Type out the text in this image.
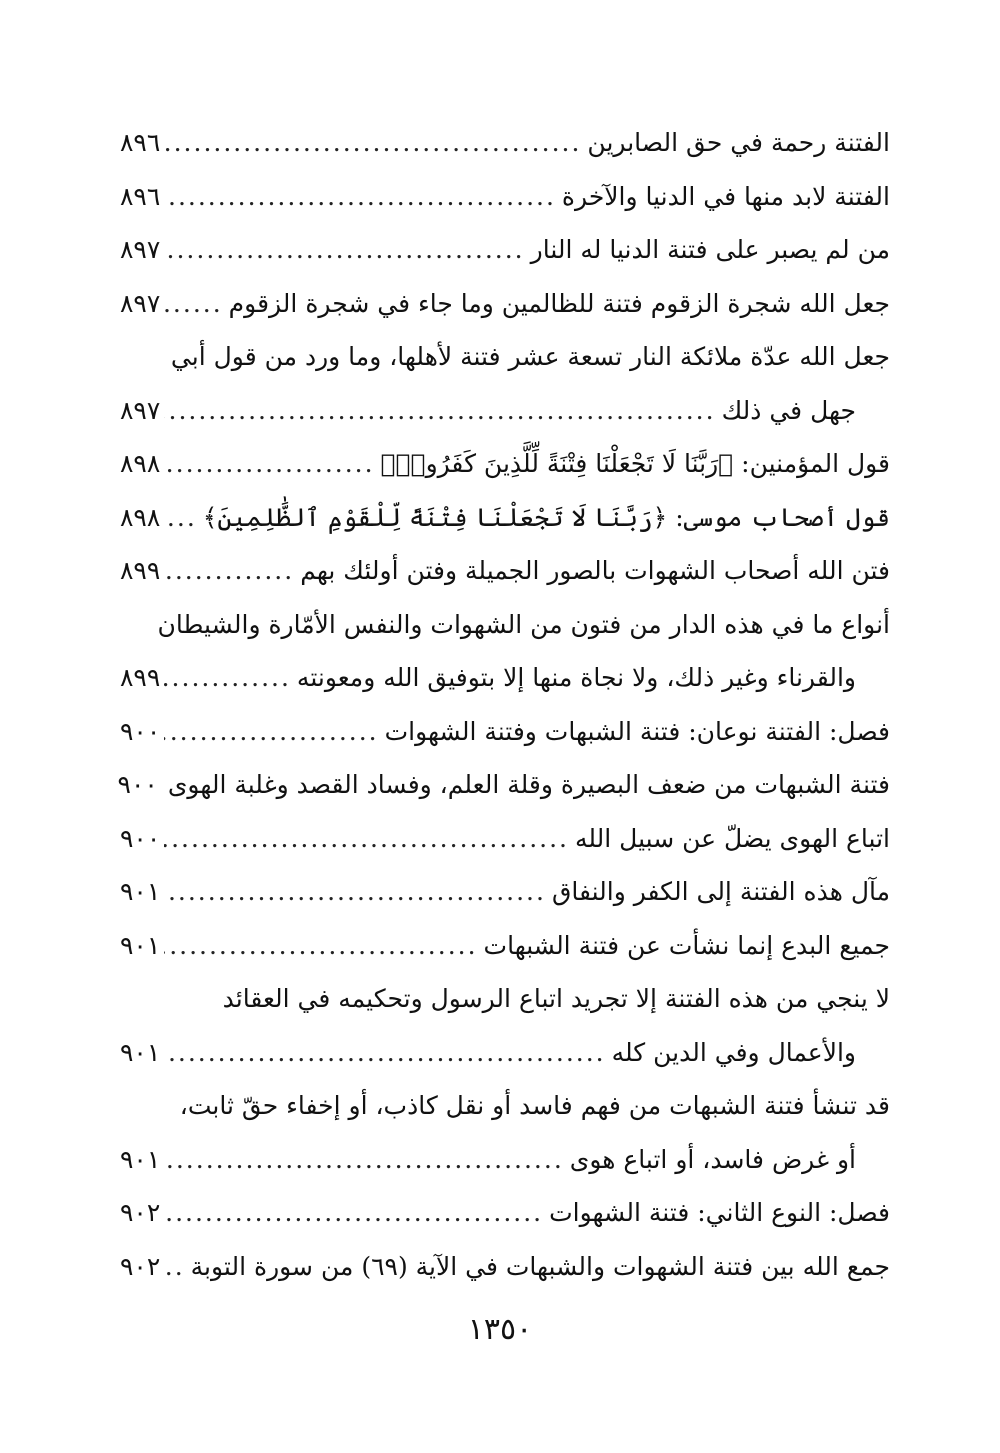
الفتنة رحمة في حق الصابرين
.....
٨٩٦
الفتنة لابد منها في الدنيا والآخرة
.....
٨٩٦
من لم يصبر على فتنة الدنيا له النار
.....
٨٩٧
جعل الله شجرة الزقوم فتنة للظالمين وما جاء في شجرة الزقوم
.....
٨٩٧
جعل الله عدّة ملائكة النار تسعة عشر فتنة لأهلها، وما ورد من قول أبي
جهل في ذلك
.....
٨٩٧
قول المؤمنين: ﴿رَبَّنَا لَا تَجْعَلْنَا فِتْنَةً لِّلَّذِينَ كَفَرُوا۟﴾
.....
٨٩٨
قول أصحاب موسى: ﴿رَبَّنَا لَا تَجْعَلْنَا فِتْنَةً لِّلْقَوْمِ ٱلظَّٰلِمِينَ﴾
.....
٨٩٨
فتن الله أصحاب الشهوات بالصور الجميلة وفتن أولئك بهم
.....
٨٩٩
أنواع ما في هذه الدار من فتون من الشهوات والنفس الأمّارة والشيطان
والقرناء وغير ذلك، ولا نجاة منها إلا بتوفيق الله ومعونته
.....
٨٩٩
فصل: الفتنة نوعان: فتنة الشبهات وفتنة الشهوات
.....
٩٠٠
فتنة الشبهات من ضعف البصيرة وقلة العلم، وفساد القصد وغلبة الهوى
٩٠٠
اتباع الهوى يضلّ عن سبيل الله
.....
٩٠٠
مآل هذه الفتنة إلى الكفر والنفاق
.....
٩٠١
جميع البدع إنما نشأت عن فتنة الشبهات
.....
٩٠١
لا ينجي من هذه الفتنة إلا تجريد اتباع الرسول وتحكيمه في العقائد
والأعمال وفي الدين كله
.....
٩٠١
قد تنشأ فتنة الشبهات من فهم فاسد أو نقل كاذب، أو إخفاء حقّ ثابت،
أو غرض فاسد، أو اتباع هوى
.....
٩٠١
فصل: النوع الثاني: فتنة الشهوات
.....
٩٠٢
جمع الله بين فتنة الشهوات والشبهات في الآية (٦٩) من سورة التوبة
.....
٩٠٢
١٣٥٠
